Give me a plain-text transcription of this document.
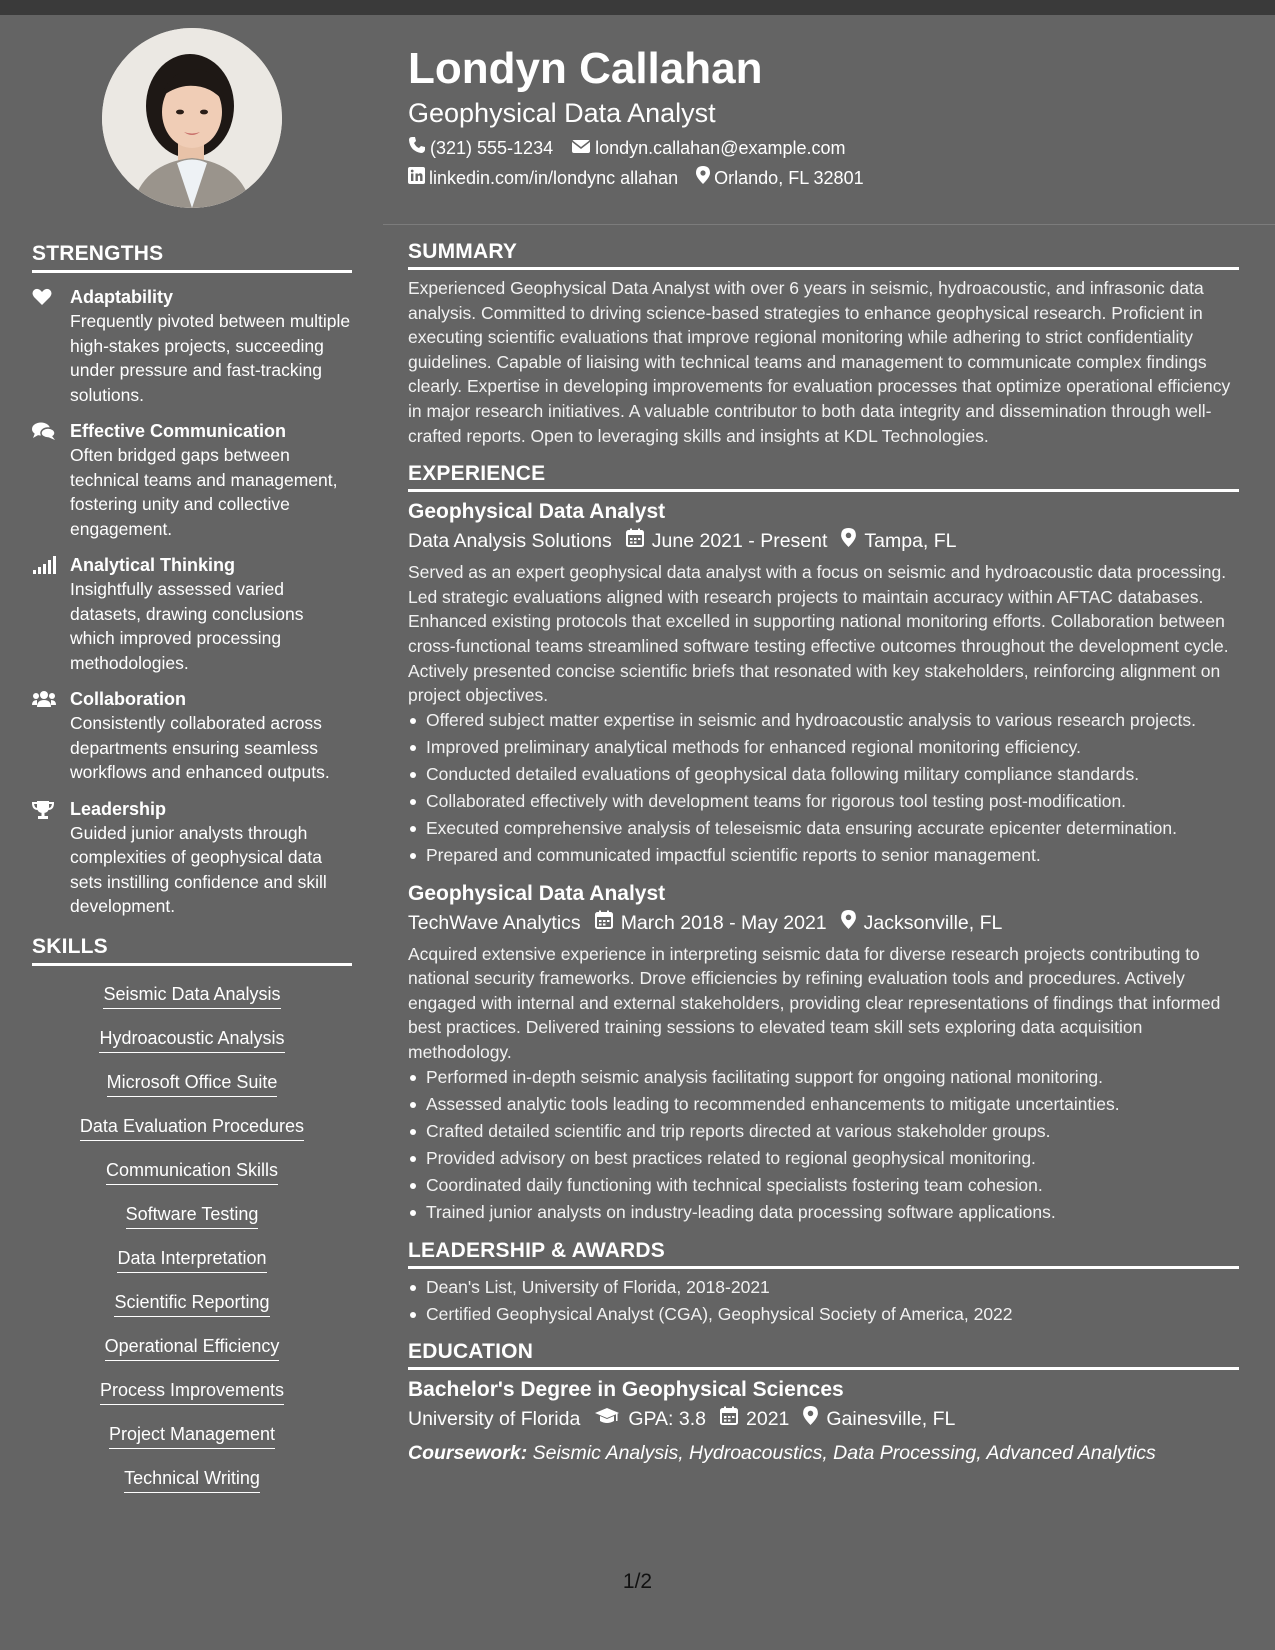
STRENGTHS
Adaptability
Frequently pivoted between multiple high-stakes projects, succeeding under pressure and fast-tracking solutions.
Effective Communication
Often bridged gaps between technical teams and management, fostering unity and collective engagement.
Analytical Thinking
Insightfully assessed varied datasets, drawing conclusions which improved processing methodologies.
Collaboration
Consistently collaborated across departments ensuring seamless workflows and enhanced outputs.
Leadership
Guided junior analysts through complexities of geophysical data sets instilling confidence and skill development.
SKILLS
Seismic Data Analysis
Hydroacoustic Analysis
Microsoft Office Suite
Data Evaluation Procedures
Communication Skills
Software Testing
Data Interpretation
Scientific Reporting
Operational Efficiency
Process Improvements
Project Management
Technical Writing
Londyn Callahan
Geophysical Data Analyst
(321) 555-1234 londyn.callahan@example.com
linkedin.com/in/londync allahan Orlando, FL 32801
SUMMARY
Experienced Geophysical Data Analyst with over 6 years in seismic, hydroacoustic, and infrasonic data analysis. Committed to driving science-based strategies to enhance geophysical research. Proficient in executing scientific evaluations that improve regional monitoring while adhering to strict confidentiality guidelines. Capable of liaising with technical teams and management to communicate complex findings clearly. Expertise in developing improvements for evaluation processes that optimize operational efficiency in major research initiatives. A valuable contributor to both data integrity and dissemination through well-crafted reports. Open to leveraging skills and insights at KDL Technologies.
EXPERIENCE
Geophysical Data Analyst
Data Analysis Solutions June 2021 - Present Tampa, FL
Served as an expert geophysical data analyst with a focus on seismic and hydroacoustic data processing. Led strategic evaluations aligned with research projects to maintain accuracy within AFTAC databases. Enhanced existing protocols that excelled in supporting national monitoring efforts. Collaboration between cross-functional teams streamlined software testing effective outcomes throughout the development cycle. Actively presented concise scientific briefs that resonated with key stakeholders, reinforcing alignment on project objectives.
Offered subject matter expertise in seismic and hydroacoustic analysis to various research projects.
Improved preliminary analytical methods for enhanced regional monitoring efficiency.
Conducted detailed evaluations of geophysical data following military compliance standards.
Collaborated effectively with development teams for rigorous tool testing post-modification.
Executed comprehensive analysis of teleseismic data ensuring accurate epicenter determination.
Prepared and communicated impactful scientific reports to senior management.
Geophysical Data Analyst
TechWave Analytics March 2018 - May 2021 Jacksonville, FL
Acquired extensive experience in interpreting seismic data for diverse research projects contributing to national security frameworks. Drove efficiencies by refining evaluation tools and procedures. Actively engaged with internal and external stakeholders, providing clear representations of findings that informed best practices. Delivered training sessions to elevated team skill sets exploring data acquisition methodology.
Performed in-depth seismic analysis facilitating support for ongoing national monitoring.
Assessed analytic tools leading to recommended enhancements to mitigate uncertainties.
Crafted detailed scientific and trip reports directed at various stakeholder groups.
Provided advisory on best practices related to regional geophysical monitoring.
Coordinated daily functioning with technical specialists fostering team cohesion.
Trained junior analysts on industry-leading data processing software applications.
LEADERSHIP & AWARDS
Dean's List, University of Florida, 2018-2021
Certified Geophysical Analyst (CGA), Geophysical Society of America, 2022
EDUCATION
Bachelor's Degree in Geophysical Sciences
University of Florida GPA: 3.8 2021 Gainesville, FL
Coursework: Seismic Analysis, Hydroacoustics, Data Processing, Advanced Analytics
1/2
